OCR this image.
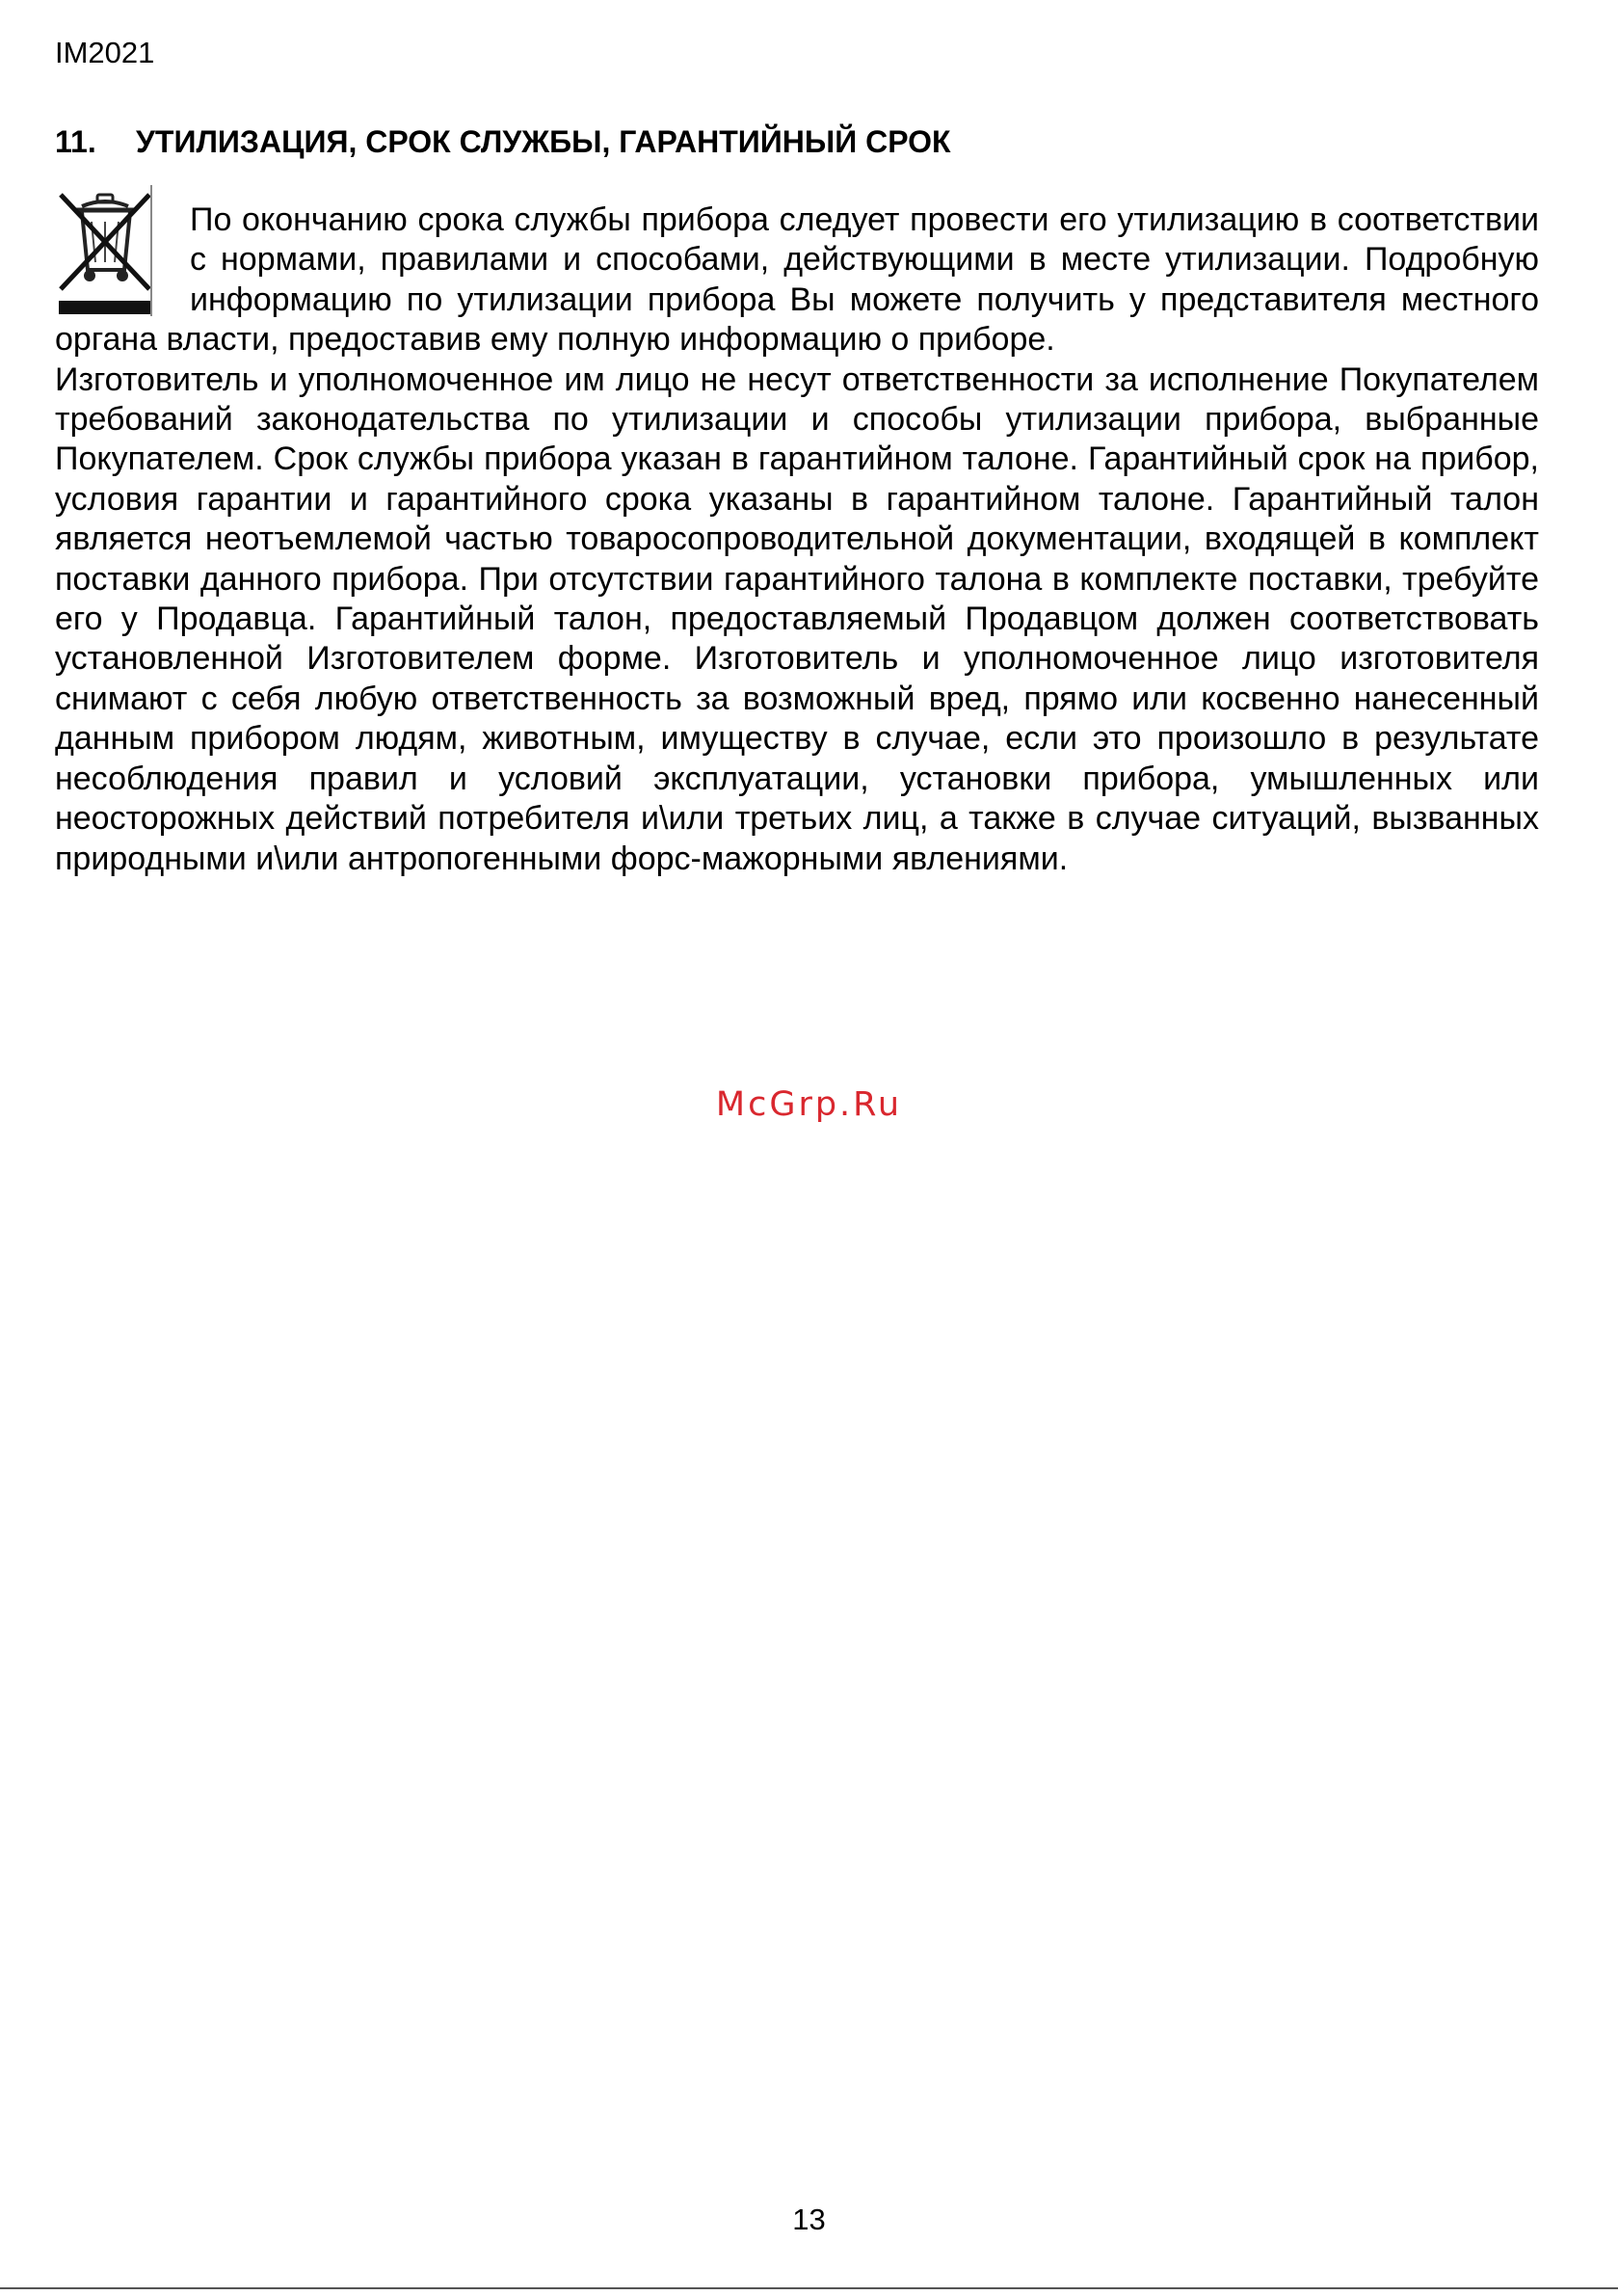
IM2021
11. УТИЛИЗАЦИЯ, СРОК СЛУЖБЫ, ГАРАНТИЙНЫЙ СРОК

По окончанию срока службы прибора следует провести его утилизацию в соответствии с нормами, правилами и способами, действующими в месте утилизации. Подробную информацию по утилизации прибора Вы можете получить у представителя местного органа власти, предоставив ему полную информацию о приборе.

Изготовитель и уполномоченное им лицо не несут ответственности за исполнение Покупателем требований законодательства по утилизации и способы утилизации прибора, выбранные Покупателем. Срок службы прибора указан в гарантийном талоне. Гарантийный срок на прибор, условия гарантии и гарантийного срока указаны в гарантийном талоне. Гарантийный талон является неотъемлемой частью товаросопроводительной документации, входящей в комплект поставки данного прибора. При отсутствии гарантийного талона в комплекте поставки, требуйте его у Продавца. Гарантийный талон, предоставляемый Продавцом должен соответствовать установленной Изготовителем форме. Изготовитель и уполномоченное лицо изготовителя снимают с себя любую ответственность за возможный вред, прямо или косвенно нанесенный данным прибором людям, животным, имуществу в случае, если это произошло в результате несоблюдения правил и условий эксплуатации, установки прибора, умышленных или неосторожных действий потребителя и\или третьих лиц, а также в случае ситуаций, вызванных природными и\или антропогенными форс-мажорными явлениями.

McGrp.Ru
13
